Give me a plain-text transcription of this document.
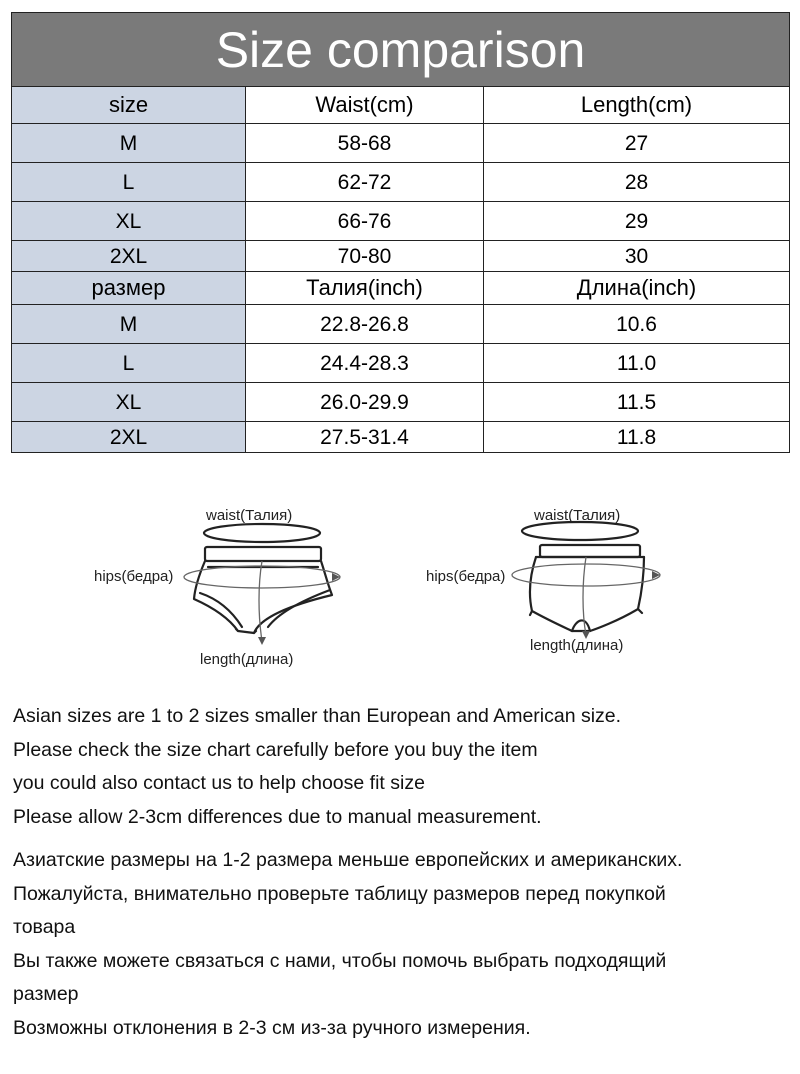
Size comparison		
size	Waist(cm)	Length(cm)
M	58-68	27
L	62-72	28
XL	66-76	29
2XL	70-80	30
размер	Талия(inch)	Длина(inch)
M	22.8-26.8	10.6
L	24.4-28.3	11.0
XL	26.0-29.9	11.5
2XL	27.5-31.4	11.8
waist(Талия)
hips(бедра)
length(длина)
waist(Талия)
hips(бедра)
length(длина)
Asian sizes are 1 to 2 sizes smaller than European and American size.
Please check the size chart carefully before you buy the item
you could also contact us to help choose fit size
Please allow 2-3cm differences due to manual measurement.
Азиатские размеры на 1-2 размера меньше европейских и американских.
Пожалуйста, внимательно проверьте таблицу размеров перед покупкой
товара
Вы также можете связаться с нами, чтобы помочь выбрать подходящий
размер
Возможны отклонения в 2-3 см из-за ручного измерения.
